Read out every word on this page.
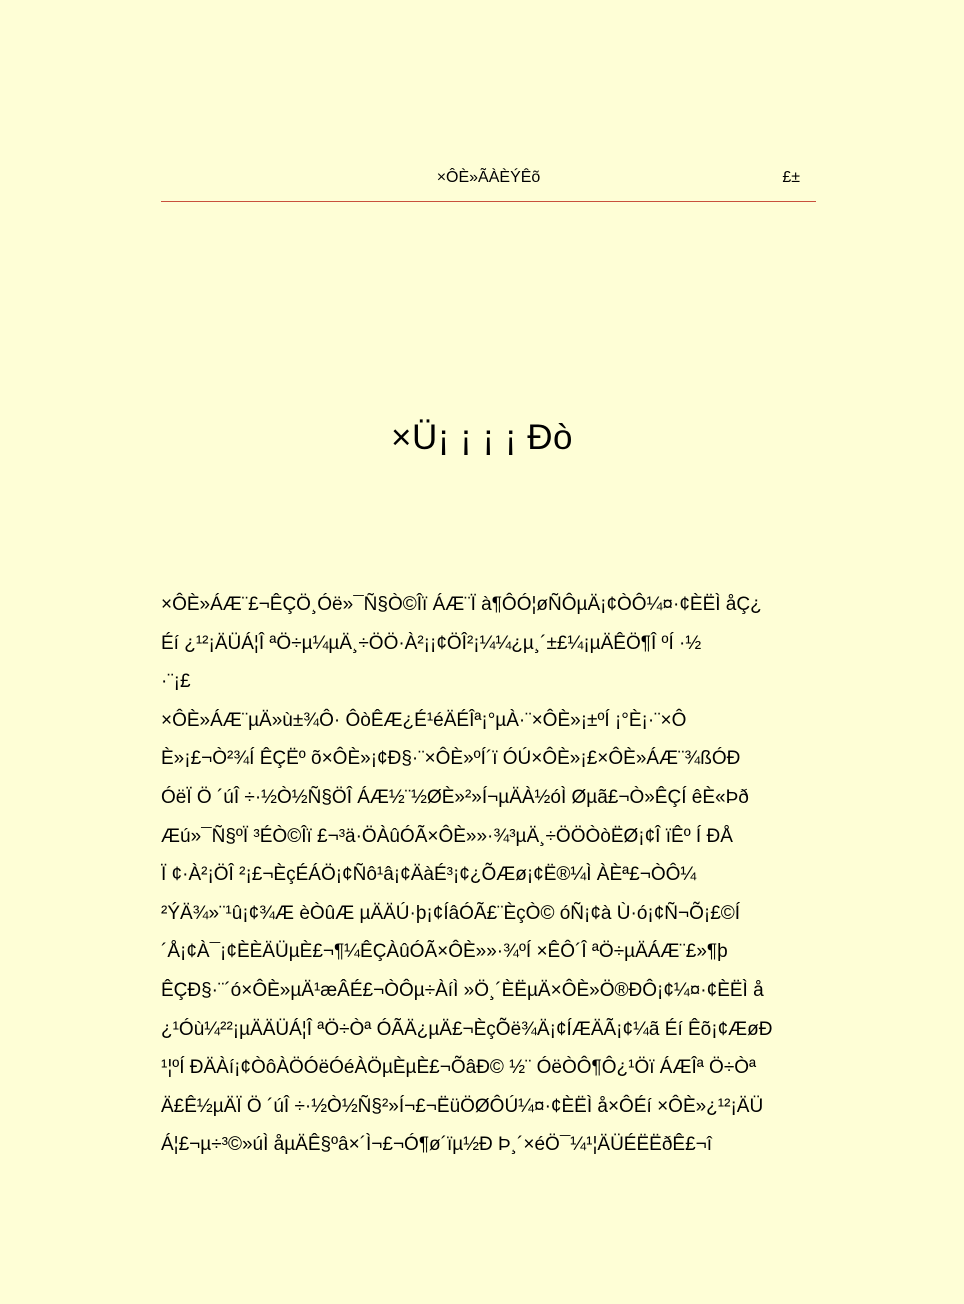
×ÔÈ»ÃÀÈÝÊõ	£±
×Ü¡ ¡ ¡ ¡ Ðò
×ÔÈ»ÁÆ¨£¬ÊÇÖ¸Óë»¯Ñ§Ò©Îï ÁÆ¨Ï à¶ÔÓ¦øÑÔµÄ¡¢ÒÔ¼¤·¢ÈËÌ åÇ¿
Éí ¿¹²¡ÄÜÁ¦Î ªÖ÷µ¼µÄ¸÷ÖÖ·À²¡¡¢ÖÎ²¡¼¼¿µ¸´±£¼¡µÄÊÖ¶Î ºÍ ·½
·¨¡£
×ÔÈ»ÁÆ¨µÄ»ù±¾Ô· ÔòÊÆ¿É¹éÄÉÎª¡°µÀ·¨×ÔÈ»¡±ºÍ ¡°È¡·¨×Ô
È»¡£¬Ò²¾Í ÊÇËº õ×ÔÈ»¡¢Ð§·¨×ÔÈ»ºÍ´ï ÓÚ×ÔÈ»¡£×ÔÈ»ÁÆ¨¾ßÓÐ
ÓëÏ Ö ´úÎ ÷·½Ò½Ñ§ÖÎ ÁÆ½¨½ØÈ»²»Í¬µÄÀ½óÌ Øµã£¬Ò»ÊÇÍ êÈ«Þð
Æú»¯Ñ§ºÏ ³ÉÒ©Îï £¬³ä·ÖÀûÓÃ×ÔÈ»»·¾³µÄ¸÷ÖÖÒòËØ¡¢Î ïÊº Í ÐÅ
Ï ¢·À²¡ÖÎ ²¡£¬ÈçÉÁÖ¡¢Ñô¹â¡¢ÄàÉ³¡¢¿ÕÆø¡¢Ë®¼Ì ÀÈª£¬ÒÔ¼
²ÝÄ¾»¨¹û¡¢¾Æ èÒûÆ µÄÄÚ·þ¡¢ÍâÓÃ£¨ÈçÒ© óÑ¡¢à Ù·ó¡¢Ñ¬Õ¡£©Í
´Å¡¢À¯¡¢ÈÈÄÜµÈ£¬¶¼ÊÇÀûÓÃ×ÔÈ»»·¾ºÍ ×ÊÔ´Î ªÖ÷µÄÁÆ¨£»¶þ
ÊÇÐ§·¨´ó×ÔÈ»µÄ¹æÂÉ£¬ÒÔµ÷ÀíÌ »Ö¸´ÈËµÄ×ÔÈ»Ö®ÐÔ¡¢¼¤·¢ÈËÌ å
¿¹Óù¼²²¡µÄÄÜÁ¦Î ªÖ÷Òª ÓÃÄ¿µÄ£¬ÈçÕë¾Ä¡¢ÍÆÄÃ¡¢¼ã Éí Êõ¡¢ÆøÐ
¹¦ºÍ ÐÄÀí¡¢ÒôÀÖÓëÓéÀÖµÈµÈ£¬ÕâÐ© ½¨ ÓëÒÔ¶Ô¿¹Öï ÁÆÎª Ö÷Òª
Ä£Ê½µÄÏ Ö ´úÎ ÷·½Ò½Ñ§²»Í¬£¬ËüÖØÔÚ¼¤·¢ÈËÌ å×ÔÉí ×ÔÈ»¿¹²¡ÄÜ
Á¦£¬µ÷³©»úÌ åµÄÊ§ºâ×´Ì¬£¬Ó¶ø´ïµ½Ð Þ¸´×éÖ¯¼¹¦ÄÜÉËËðÊ£¬î
